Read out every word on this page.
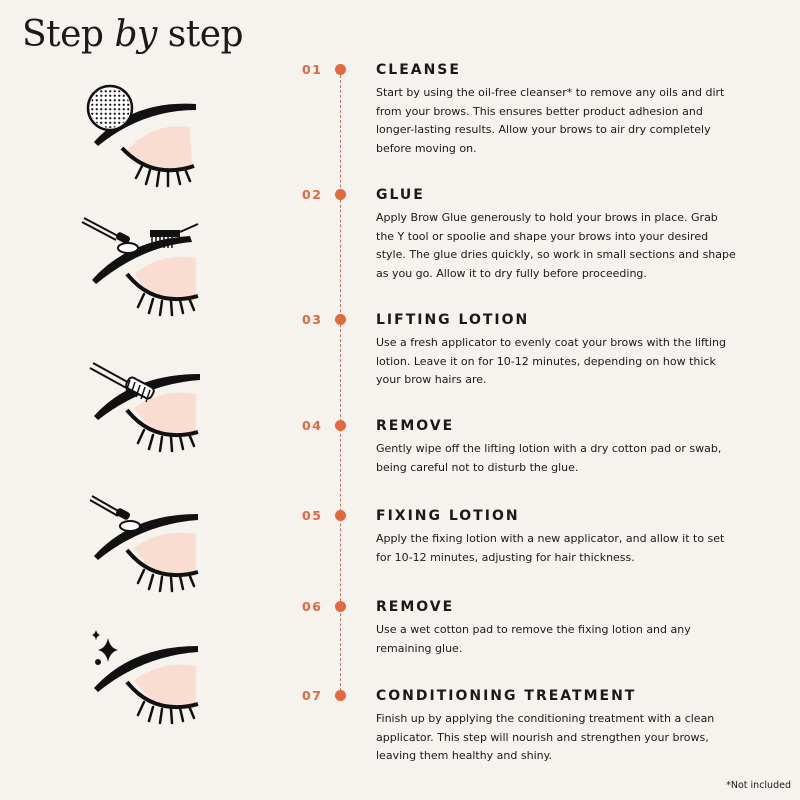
Step by step
01	CLEANSE

Start by using the oil-free cleanser* to remove any oils and dirt from your brows. This ensures better product adhesion and longer-lasting results. Allow your brows to air dry completely before moving on.

02	GLUE

Apply Brow Glue generously to hold your brows in place. Grab the Y tool or spoolie and shape your brows into your desired style. The glue dries quickly, so work in small sections and shape as you go. Allow it to dry fully before proceeding.

03	LIFTING LOTION

Use a fresh applicator to evenly coat your brows with the lifting lotion. Leave it on for 10-12 minutes, depending on how thick your brow hairs are.

04	REMOVE

Gently wipe off the lifting lotion with a dry cotton pad or swab, being careful not to disturb the glue.

05	FIXING LOTION

Apply the fixing lotion with a new applicator, and allow it to set for 10-12 minutes, adjusting for hair thickness.

06	REMOVE

Use a wet cotton pad to remove the fixing lotion and any remaining glue.

07	CONDITIONING TREATMENT

Finish up by applying the conditioning treatment with a clean applicator. This step will nourish and strengthen your brows, leaving them healthy and shiny.

*Not included
